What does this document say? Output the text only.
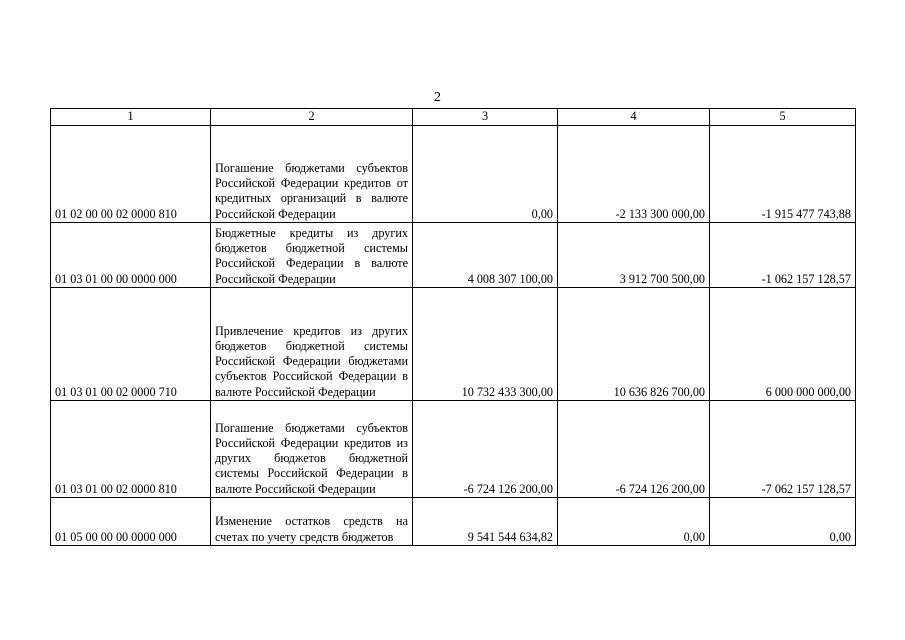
2
1	2	3	4	5
01 02 00 00 02 0000 810	Погашение бюджетами субъектов Российской Федерации кредитов от кредитных организаций в валюте Российской Федерации	0,00	-2 133 300 000,00	-1 915 477 743,88
01 03 01 00 00 0000 000	Бюджетные кредиты из других бюджетов бюджетной системы Российской Федерации в валюте Российской Федерации	4 008 307 100,00	3 912 700 500,00	-1 062 157 128,57
01 03 01 00 02 0000 710	Привлечение кредитов из других бюджетов бюджетной системы Российской Федерации бюджетами субъектов Российской Федерации в валюте Российской Федерации	10 732 433 300,00	10 636 826 700,00	6 000 000 000,00
01 03 01 00 02 0000 810	Погашение бюджетами субъектов Российской Федерации кредитов из других бюджетов бюджетной системы Российской Федерации в валюте Российской Федерации	-6 724 126 200,00	-6 724 126 200,00	-7 062 157 128,57
01 05 00 00 00 0000 000	Изменение остатков средств на счетах по учету средств бюджетов	9 541 544 634,82	0,00	0,00
